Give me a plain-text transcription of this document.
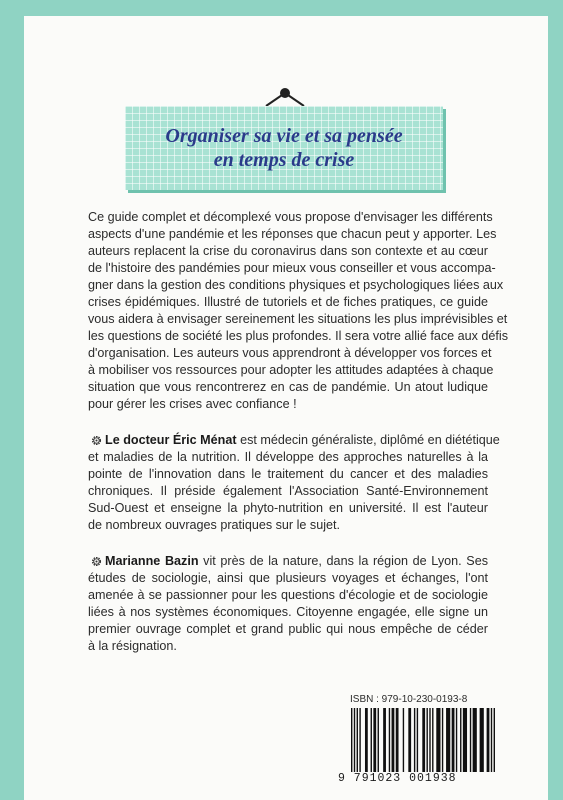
Organiser sa vie et sa pensée
en temps de crise
Ce guide complet et décomplexé vous propose d'envisager les différents
aspects d'une pandémie et les réponses que chacun peut y apporter. Les
auteurs replacent la crise du coronavirus dans son contexte et au cœur
de l'histoire des pandémies pour mieux vous conseiller et vous accompa-
gner dans la gestion des conditions physiques et psychologiques liées aux
crises épidémiques. Illustré de tutoriels et de fiches pratiques, ce guide
vous aidera à envisager sereinement les situations les plus imprévisibles et
les questions de société les plus profondes. Il sera votre allié face aux défis
d'organisation. Les auteurs vous apprendront à développer vos forces et
à mobiliser vos ressources pour adopter les attitudes adaptées à chaque
situation que vous rencontrerez en cas de pandémie. Un atout ludique
pour gérer les crises avec confiance !
Le docteur Éric Ménat est médecin généraliste, diplômé en diététique
et maladies de la nutrition. Il développe des approches naturelles à la
pointe de l'innovation dans le traitement du cancer et des maladies
chroniques. Il préside également l'Association Santé-Environnement
Sud-Ouest et enseigne la phyto-nutrition en université. Il est l'auteur
de nombreux ouvrages pratiques sur le sujet.
Marianne Bazin vit près de la nature, dans la région de Lyon. Ses
études de sociologie, ainsi que plusieurs voyages et échanges, l'ont
amenée à se passionner pour les questions d'écologie et de sociologie
liées à nos systèmes économiques. Citoyenne engagée, elle signe un
premier ouvrage complet et grand public qui nous empêche de céder
à la résignation.
ISBN : 979-10-230-0193-8
9 791023 001938
